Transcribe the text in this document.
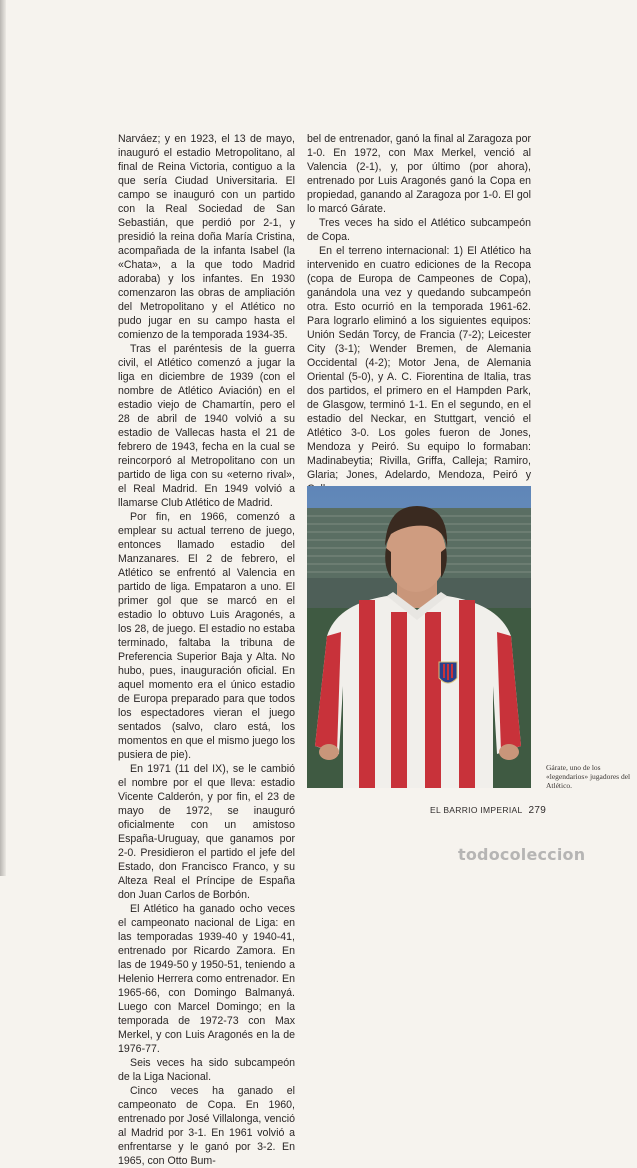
Narváez; y en 1923, el 13 de mayo, inauguró el estadio Metropolitano, al final de Reina Victoria, contiguo a la que sería Ciudad Universitaria. El campo se inauguró con un partido con la Real Sociedad de San Sebastián, que perdió por 2-1, y presidió la reina doña María Cristina, acompañada de la infanta Isabel (la «Chata», a la que todo Madrid adoraba) y los infantes. En 1930 comenzaron las obras de ampliación del Metropolitano y el Atlético no pudo jugar en su campo hasta el comienzo de la temporada 1934-35.

Tras el paréntesis de la guerra civil, el Atlético comenzó a jugar la liga en diciembre de 1939 (con el nombre de Atlético Aviación) en el estadio viejo de Chamartín, pero el 28 de abril de 1940 volvió a su estadio de Vallecas hasta el 21 de febrero de 1943, fecha en la cual se reincorporó al Metropolitano con un partido de liga con su «eterno rival», el Real Madrid. En 1949 volvió a llamarse Club Atlético de Madrid.

Por fin, en 1966, comenzó a emplear su actual terreno de juego, entonces llamado estadio del Manzanares. El 2 de febrero, el Atlético se enfrentó al Valencia en partido de liga. Empataron a uno. El primer gol que se marcó en el estadio lo obtuvo Luis Aragonés, a los 28, de juego. El estadio no estaba terminado, faltaba la tribuna de Preferencia Superior Baja y Alta. No hubo, pues, inauguración oficial. En aquel momento era el único estadio de Europa preparado para que todos los espectadores vieran el juego sentados (salvo, claro está, los momentos en que el mismo juego los pusiera de pie).

En 1971 (11 del IX), se le cambió el nombre por el que lleva: estadio Vicente Calderón, y por fin, el 23 de mayo de 1972, se inauguró oficialmente con un amistoso España-Uruguay, que ganamos por 2-0. Presidieron el partido el jefe del Estado, don Francisco Franco, y su Alteza Real el Príncipe de España don Juan Carlos de Borbón.

El Atlético ha ganado ocho veces el campeonato nacional de Liga: en las temporadas 1939-40 y 1940-41, entrenado por Ricardo Zamora. En las de 1949-50 y 1950-51, teniendo a Helenio Herrera como entrenador. En 1965-66, con Domingo Balmanyá. Luego con Marcel Domingo; en la temporada de 1972-73 con Max Merkel, y con Luis Aragonés en la de 1976-77.

Seis veces ha sido subcampeón de la Liga Nacional.

Cinco veces ha ganado el campeonato de Copa. En 1960, entrenado por José Villalonga, venció al Madrid por 3-1. En 1961 volvió a enfrentarse y le ganó por 3-2. En 1965, con Otto Bum-

bel de entrenador, ganó la final al Zaragoza por 1-0. En 1972, con Max Merkel, venció al Valencia (2-1), y, por último (por ahora), entrenado por Luis Aragonés ganó la Copa en propiedad, ganando al Zaragoza por 1-0. El gol lo marcó Gárate.

Tres veces ha sido el Atlético subcampeón de Copa.

En el terreno internacional: 1) El Atlético ha intervenido en cuatro ediciones de la Recopa (copa de Europa de Campeones de Copa), ganándola una vez y quedando subcampeón otra. Esto ocurrió en la temporada 1961-62. Para lograrlo eliminó a los siguientes equipos: Unión Sedán Torcy, de Francia (7-2); Leicester City (3-1); Wender Bremen, de Alemania Occidental (4-2); Motor Jena, de Alemania Oriental (5-0), y A. C. Fiorentina de Italia, tras dos partidos, el primero en el Hampden Park, de Glasgow, terminó 1-1. En el segundo, en el estadio del Neckar, en Stuttgart, venció el Atlético 3-0. Los goles fueron de Jones, Mendoza y Peiró. Su equipo lo formaban: Madinabeytia; Rivilla, Griffa, Calleja; Ramiro, Glaria; Jones, Adelardo, Mendoza, Peiró y

Gárate, uno de los «legendarios» jugadores del Atlético.
EL BARRIO IMPERIAL 279
todocoleccion
